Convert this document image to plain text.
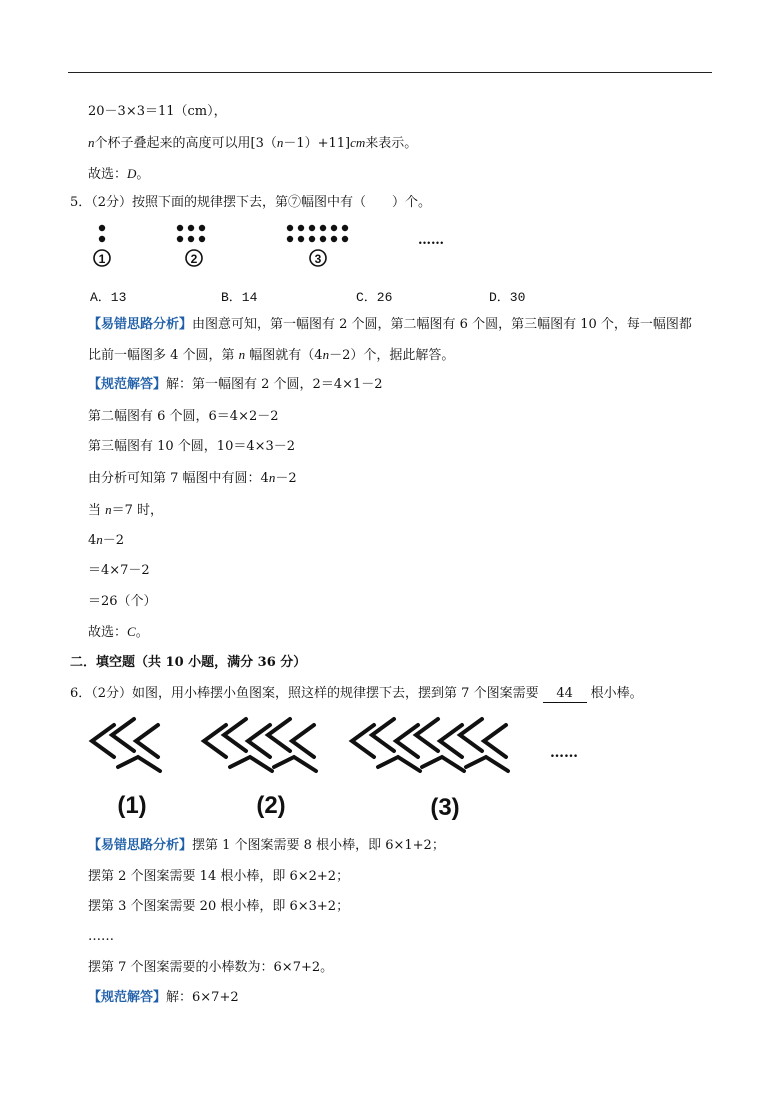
20－3×3＝11（cm），
n个杯子叠起来的高度可以用[3（n－1）+11]cm来表示。
故选：D。
5．（2分）按照下面的规律摆下去，第⑦幅图中有（　　）个。
1	2	3
……
A．13	B．14	C．26	D．30
【易错思路分析】由图意可知，第一幅图有 2 个圆，第二幅图有 6 个圆，第三幅图有 10 个，每一幅图都
比前一幅图多 4 个圆，第 n 幅图就有（4n－2）个，据此解答。
【规范解答】解：第一幅图有 2 个圆，2＝4×1－2
第二幅图有 6 个圆，6＝4×2－2
第三幅图有 10 个圆，10＝4×3－2
由分析可知第 7 幅图中有圆：4n－2
当 n＝7 时，
4n－2
＝4×7－2
＝26（个）
故选：C。
二．填空题（共 10 小题，满分 36 分）
6．（2分）如图，用小棒摆小鱼图案，照这样的规律摆下去，摆到第 7 个图案需要 44 根小棒。
(1)	(2)	(3)
……
【易错思路分析】摆第 1 个图案需要 8 根小棒，即 6×1+2；
摆第 2 个图案需要 14 根小棒，即 6×2+2；
摆第 3 个图案需要 20 根小棒，即 6×3+2；
……
摆第 7 个图案需要的小棒数为：6×7+2。
【规范解答】解：6×7+2
